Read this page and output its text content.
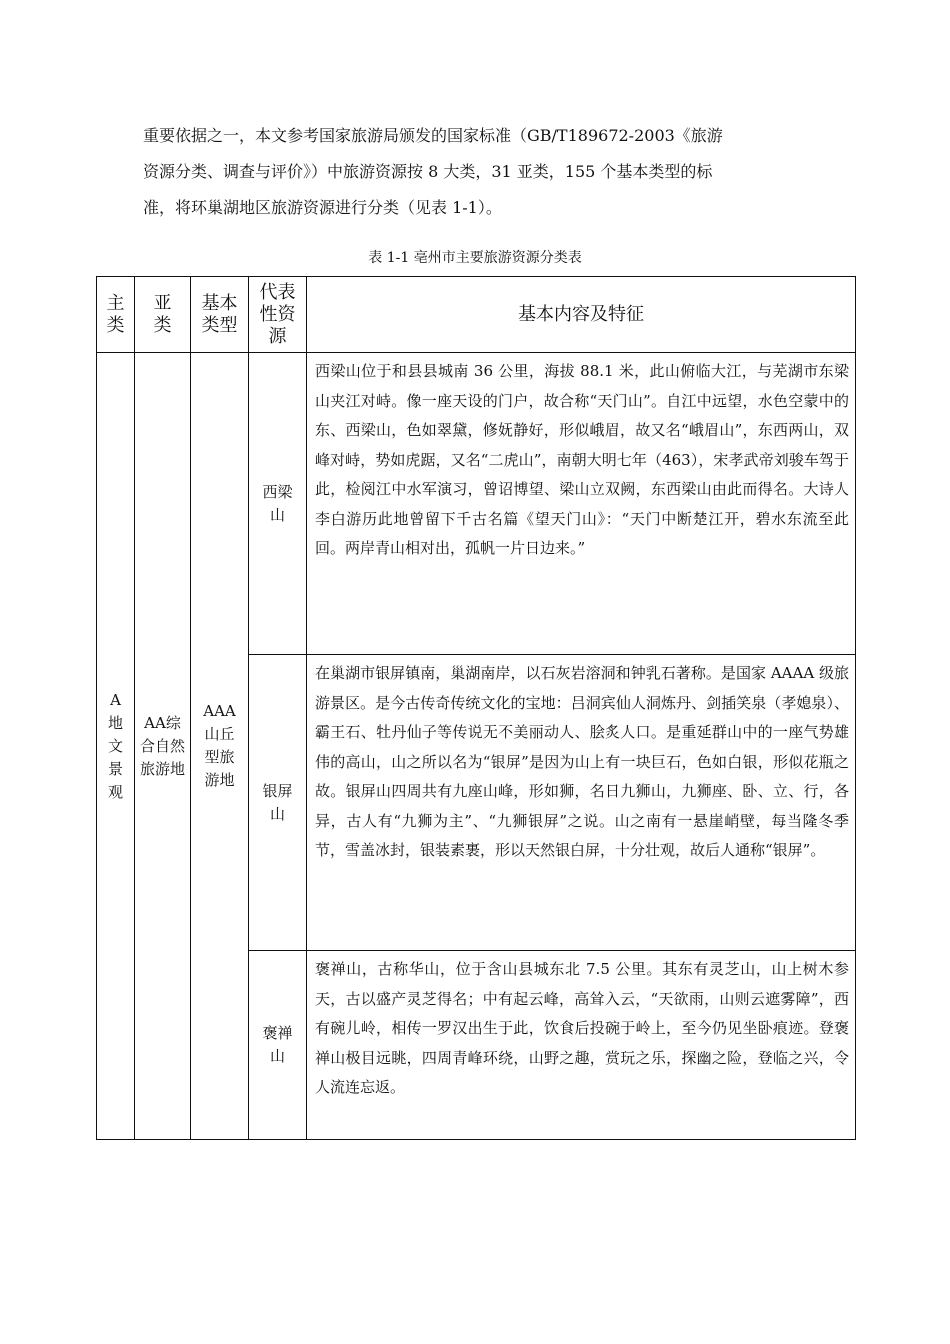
重要依据之一，本文参考国家旅游局颁发的国家标准（GB/T189672-2003《旅游

资源分类、调查与评价》）中旅游资源按 8 大类，31 亚类，155 个基本类型的标

准，将环巢湖地区旅游资源进行分类（见表 1-1）。

表 1-1 亳州市主要旅游资源分类表
主类	亚类	基本类型	代表性资源	基本内容及特征
A地文景观	AA综合自然旅游地	AAA山丘型旅游地	西梁山	西梁山位于和县县城南 36 公里，海拔 88.1 米，此山俯临大江，与芜湖市东梁山夹江对峙。像一座天设的门户，故合称“天门山”。自江中远望，水色空蒙中的东、西梁山，色如翠黛，修妩静好，形似峨眉，故又名“峨眉山”，东西两山，双峰对峙，势如虎踞，又名“二虎山”，南朝大明七年（463），宋孝武帝刘骏车驾于此，检阅江中水军演习，曾诏博望、梁山立双阙，东西梁山由此而得名。大诗人李白游历此地曾留下千古名篇《望天门山》：“天门中断楚江开，碧水东流至此回。两岸青山相对出，孤帆一片日边来。”
			银屏山	在巢湖市银屏镇南，巢湖南岸，以石灰岩溶洞和钟乳石著称。是国家 AAAA 级旅游景区。是今古传奇传统文化的宝地：吕洞宾仙人洞炼丹、剑插笑泉（孝媳泉）、霸王石、牡丹仙子等传说无不美丽动人、脍炙人口。是重延群山中的一座气势雄伟的高山，山之所以名为“银屏”是因为山上有一块巨石，色如白银，形似花瓶之故。银屏山四周共有九座山峰，形如狮，名日九狮山，九狮座、卧、立、行，各异，古人有“九狮为主”、“九狮银屏”之说。山之南有一悬崖峭壁，每当隆冬季节，雪盖冰封，银装素裹，形以天然银白屏，十分壮观，故后人通称“银屏”。
			褒禅山	褒禅山，古称华山，位于含山县城东北 7.5 公里。其东有灵芝山，山上树木参天，古以盛产灵芝得名；中有起云峰，高耸入云，“天欲雨，山则云遮雾障”，西有碗儿岭，相传一罗汉出生于此，饮食后投碗于岭上，至今仍见坐卧痕迹。登褒禅山极目远眺，四周青峰环绕，山野之趣，赏玩之乐，探幽之险，登临之兴，令人流连忘返。
